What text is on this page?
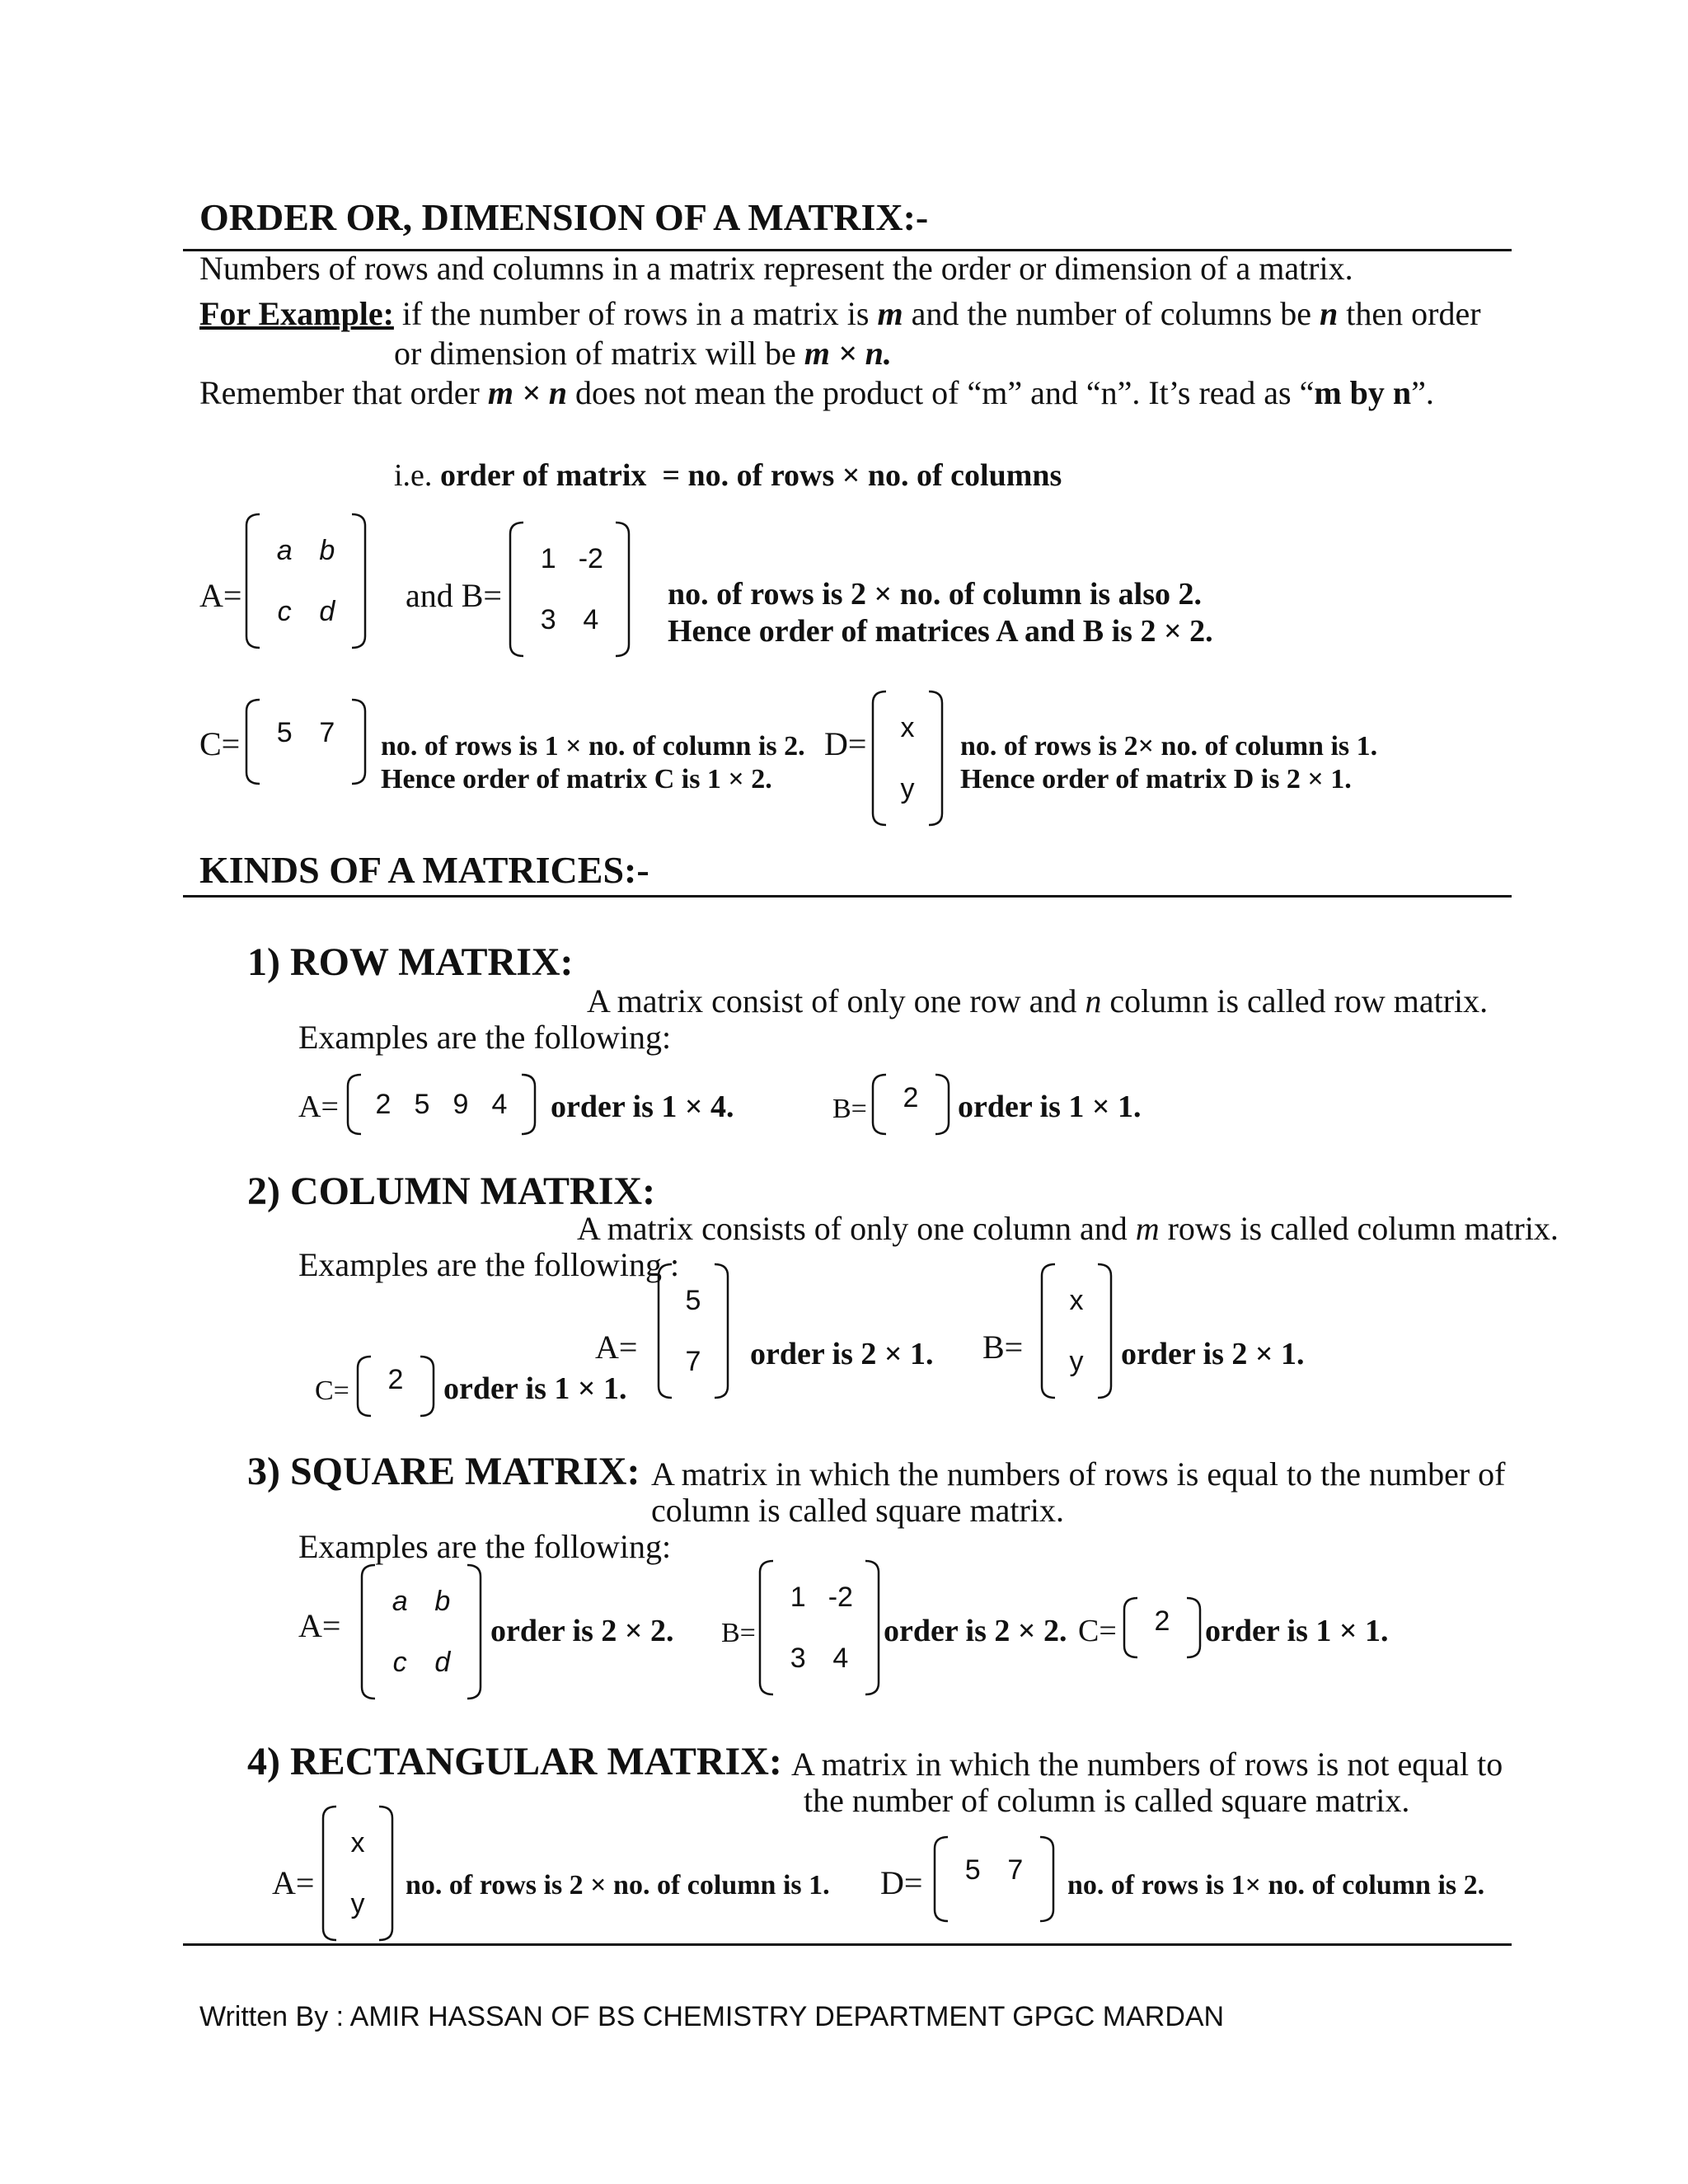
ORDER OR, DIMENSION OF A MATRIX:-
Numbers of rows and columns in a matrix represent the order or dimension of a matrix.
For Example: if the number of rows in a matrix is m and the number of columns be n then order
or dimension of matrix will be m × n.
Remember that order m × n does not mean the product of “m” and “n”. It’s read as “m by n”.
i.e. order of matrix = no. of rows × no. of columns
A=
a b
c d	and B=
1 -2
3 4
no. of rows is 2 × no. of column is also 2.
Hence order of matrices A and B is 2 × 2.
C=	5 7	no. of rows is 1 × no. of column is 2.
Hence order of matrix C is 1 × 2.
D=	x
y
no. of rows is 2× no. of column is 1.
Hence order of matrix D is 2 × 1.
KINDS OF A MATRICES:-
1) ROW MATRIX:
A matrix consist of only one row and n column is called row matrix.
Examples are the following:
A=	2 5 9 4	order is 1 × 4.	B=	2	order is 1 × 1.
2) COLUMN MATRIX:
A matrix consists of only one column and m rows is called column matrix.
Examples are the following :
A=
5
7	order is 2 × 1. B=
x
y	order is 2 × 1.
C=	2	order is 1 × 1.
3) SQUARE MATRIX: A matrix in which the numbers of rows is equal to the number of
column is called square matrix.
Examples are the following:
A=
a b
c d
order is 2 × 2. B=
1 -2
3 4
order is 2 × 2. C=	2	order is 1 × 1.
4) RECTANGULAR MATRIX: A matrix in which the numbers of rows is not equal to
the number of column is called square matrix.
A=
x
y
no. of rows is 2 × no. of column is 1. D=	5 7	no. of rows is 1× no. of column is 2.
Written By : AMIR HASSAN OF BS CHEMISTRY DEPARTMENT GPGC MARDAN
